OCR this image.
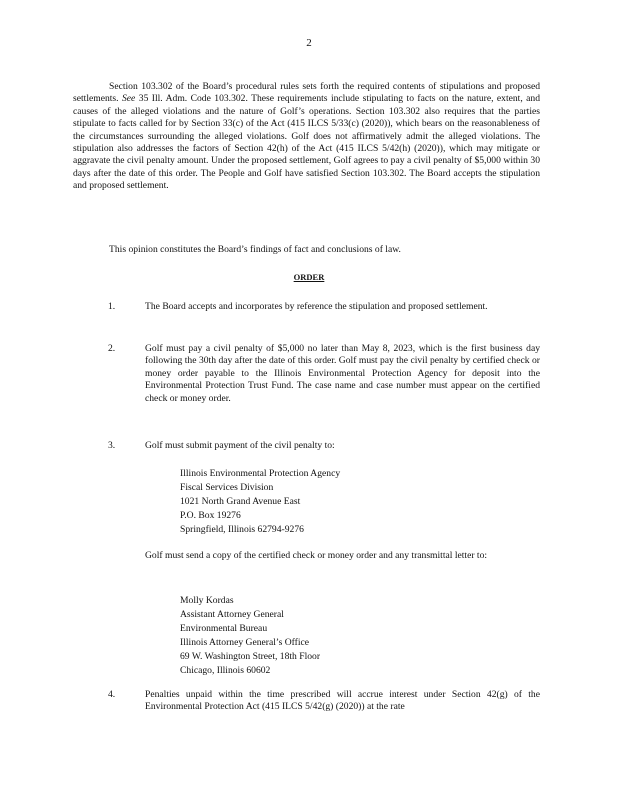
2

Section 103.302 of the Board’s procedural rules sets forth the required contents of stipulations and proposed settlements. See 35 Ill. Adm. Code 103.302. These requirements include stipulating to facts on the nature, extent, and causes of the alleged violations and the nature of Golf’s operations. Section 103.302 also requires that the parties stipulate to facts called for by Section 33(c) of the Act (415 ILCS 5/33(c) (2020)), which bears on the reasonableness of the circumstances surrounding the alleged violations. Golf does not affirmatively admit the alleged violations. The stipulation also addresses the factors of Section 42(h) of the Act (415 ILCS 5/42(h) (2020)), which may mitigate or aggravate the civil penalty amount. Under the proposed settlement, Golf agrees to pay a civil penalty of $5,000 within 30 days after the date of this order. The People and Golf have satisfied Section 103.302. The Board accepts the stipulation and proposed settlement.

This opinion constitutes the Board’s findings of fact and conclusions of law.

ORDER
1.	The Board accepts and incorporates by reference the stipulation and proposed settlement.
2.	Golf must pay a civil penalty of $5,000 no later than May 8, 2023, which is the first business day following the 30th day after the date of this order. Golf must pay the civil penalty by certified check or money order payable to the Illinois Environmental Protection Agency for deposit into the Environmental Protection Trust Fund. The case name and case number must appear on the certified check or money order.
3.	Golf must submit payment of the civil penalty to:
Illinois Environmental Protection Agency
Fiscal Services Division
1021 North Grand Avenue East
P.O. Box 19276
Springfield, Illinois 62794-9276
Golf must send a copy of the certified check or money order and any transmittal letter to:
Molly Kordas
Assistant Attorney General
Environmental Bureau
Illinois Attorney General’s Office
69 W. Washington Street, 18th Floor
Chicago, Illinois 60602
4.	Penalties unpaid within the time prescribed will accrue interest under Section 42(g) of the Environmental Protection Act (415 ILCS 5/42(g) (2020)) at the rate
